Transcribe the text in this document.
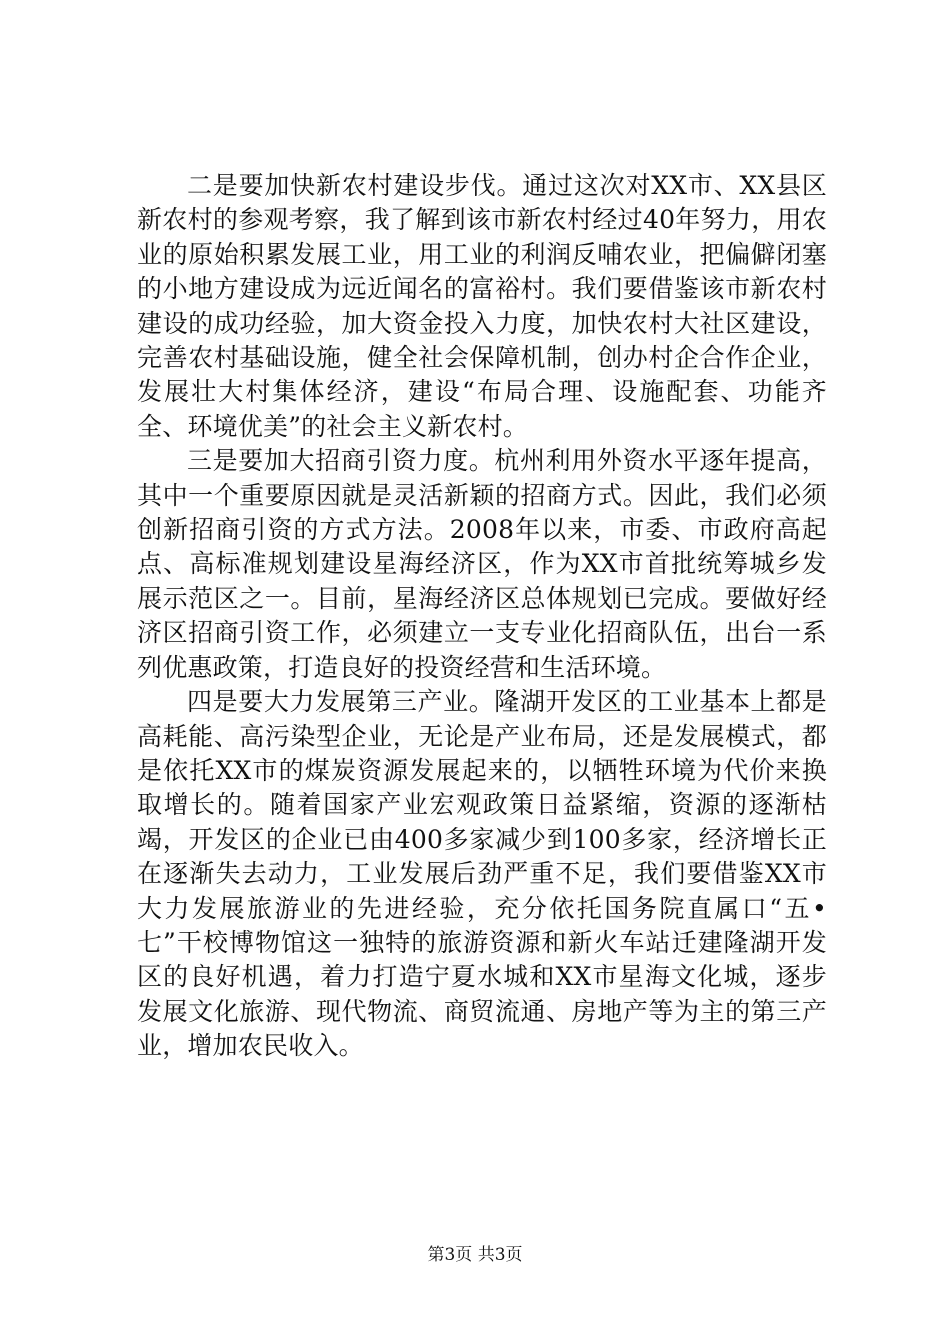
二是要加快新农村建设步伐。通过这次对XX市、XX县区新农村的参观考察，我了解到该市新农村经过40年努力，用农业的原始积累发展工业，用工业的利润反哺农业，把偏僻闭塞的小地方建设成为远近闻名的富裕村。我们要借鉴该市新农村建设的成功经验，加大资金投入力度，加快农村大社区建设，完善农村基础设施，健全社会保障机制，创办村企合作企业，发展壮大村集体经济，建设“布局合理、设施配套、功能齐全、环境优美”的社会主义新农村。

三是要加大招商引资力度。杭州利用外资水平逐年提高，其中一个重要原因就是灵活新颖的招商方式。因此，我们必须创新招商引资的方式方法。2008年以来，市委、市政府高起点、高标准规划建设星海经济区，作为XX市首批统筹城乡发展示范区之一。目前，星海经济区总体规划已完成。要做好经济区招商引资工作，必须建立一支专业化招商队伍，出台一系列优惠政策，打造良好的投资经营和生活环境。

四是要大力发展第三产业。隆湖开发区的工业基本上都是高耗能、高污染型企业，无论是产业布局，还是发展模式，都是依托XX市的煤炭资源发展起来的，以牺牲环境为代价来换取增长的。随着国家产业宏观政策日益紧缩，资源的逐渐枯竭，开发区的企业已由400多家减少到100多家，经济增长正在逐渐失去动力，工业发展后劲严重不足，我们要借鉴XX市大力发展旅游业的先进经验，充分依托国务院直属口“五•七”干校博物馆这一独特的旅游资源和新火车站迁建隆湖开发区的良好机遇，着力打造宁夏水城和XX市星海文化城，逐步发展文化旅游、现代物流、商贸流通、房地产等为主的第三产业，增加农民收入。

第3页 共3页
